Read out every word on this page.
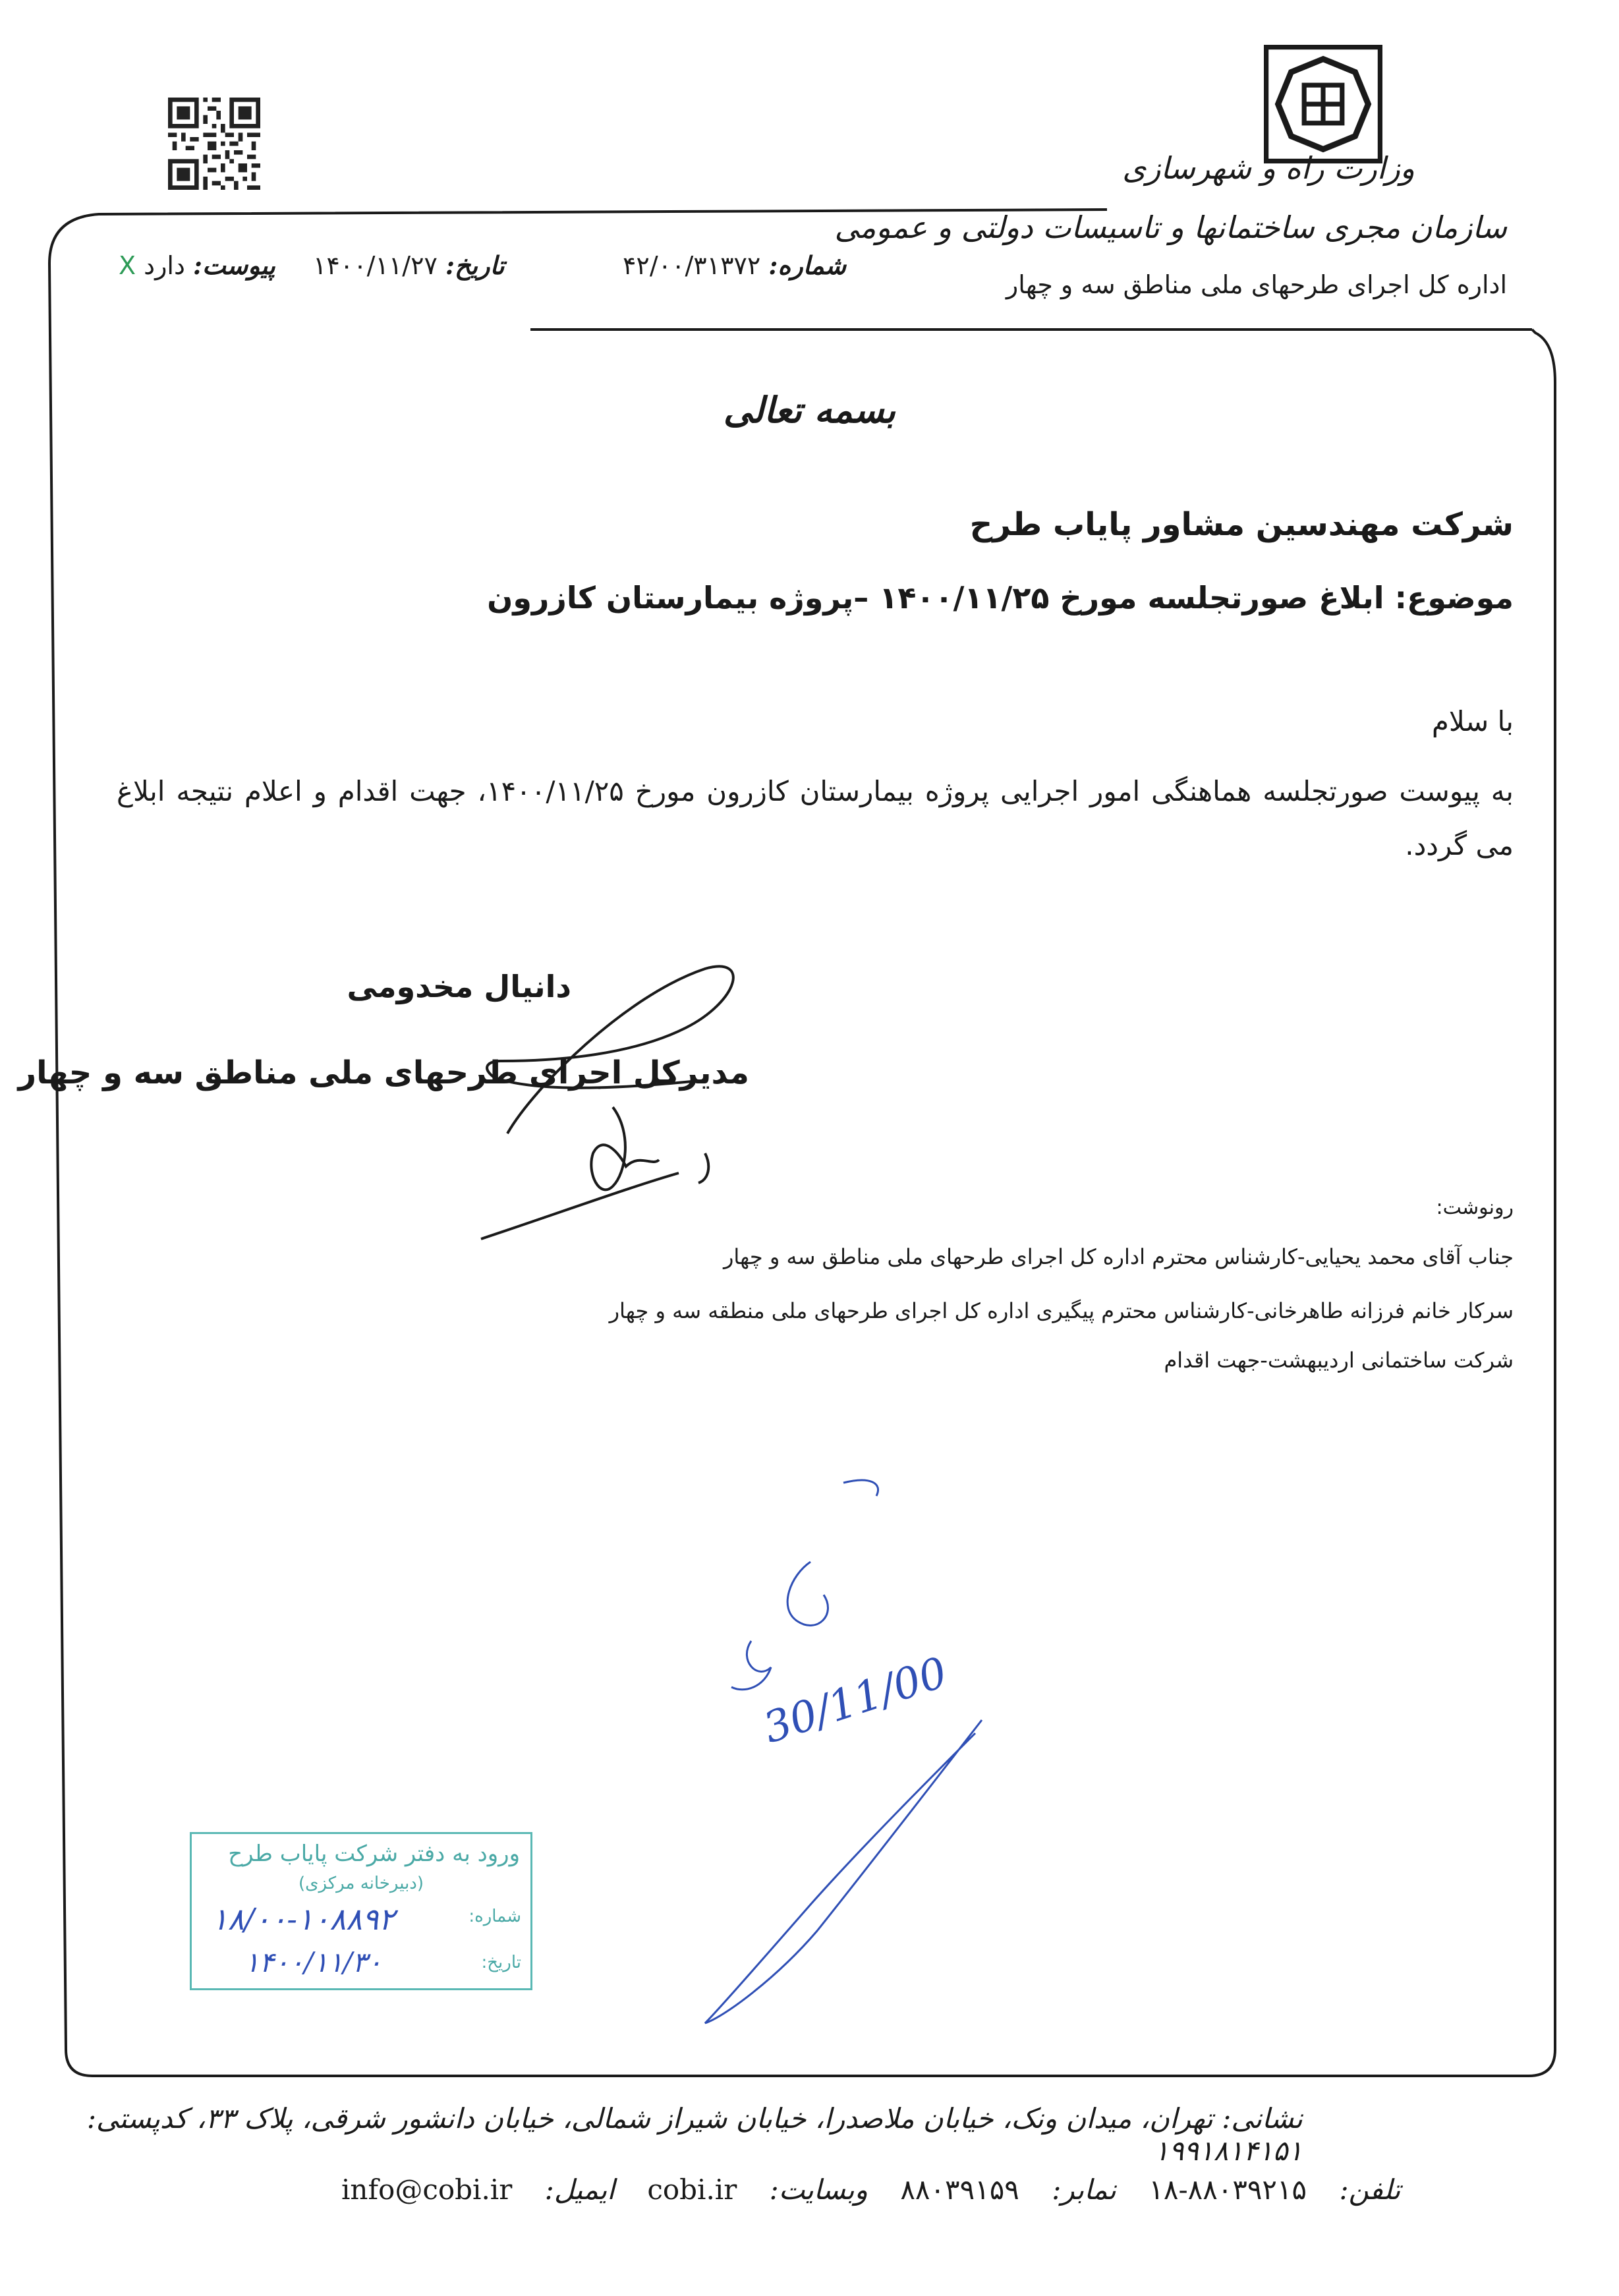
وزارت راه و شهرسازی
سازمان مجری ساختمانها و تاسیسات دولتی و عمومی
اداره کل اجرای طرحهای ملی مناطق سه و چهار
شماره: ۴۲/۰۰/۳۱۳۷۲
تاریخ: ۱۴۰۰/۱۱/۲۷
پیوست: دارد X
بسمه تعالی
شرکت مهندسین مشاور پایاب طرح
موضوع: ابلاغ صورتجلسه مورخ ۱۴۰۰/۱۱/۲۵ –پروژه بیمارستان کازرون
با سلام
به پیوست صورتجلسه هماهنگی امور اجرایی پروژه بیمارستان کازرون مورخ ۱۴۰۰/۱۱/۲۵، جهت اقدام و اعلام نتیجه ابلاغ می گردد.
دانیال مخدومی
مدیرکل اجرای طرحهای ملی مناطق سه و چهار
رونوشت:
جناب آقای محمد یحیایی-کارشناس محترم اداره کل اجرای طرحهای ملی مناطق سه و چهار
سرکار خانم فرزانه طاهرخانی-کارشناس محترم پیگیری اداره کل اجرای طرحهای ملی منطقه سه و چهار
شرکت ساختمانی اردیبهشت-جهت اقدام
30/11/00
ورود به دفتر شرکت پایاب طرح
(دبیرخانه مرکزی)
شماره:
تاریخ:
۱۸/۰۰-۱۰۸۸۹۲
۱۴۰۰/۱۱/۳۰
نشانی: تهران، میدان ونک، خیابان ملاصدرا، خیابان شیراز شمالی، خیابان دانشور شرقی، پلاک ۳۳، کدپستی: ۱۹۹۱۸۱۴۱۵۱
info@cobi.ir ایمیل: cobi.ir وبسایت: ۸۸۰۳۹۱۵۹ نمابر: ۱۸-۸۸۰۳۹۲۱۵ تلفن:
